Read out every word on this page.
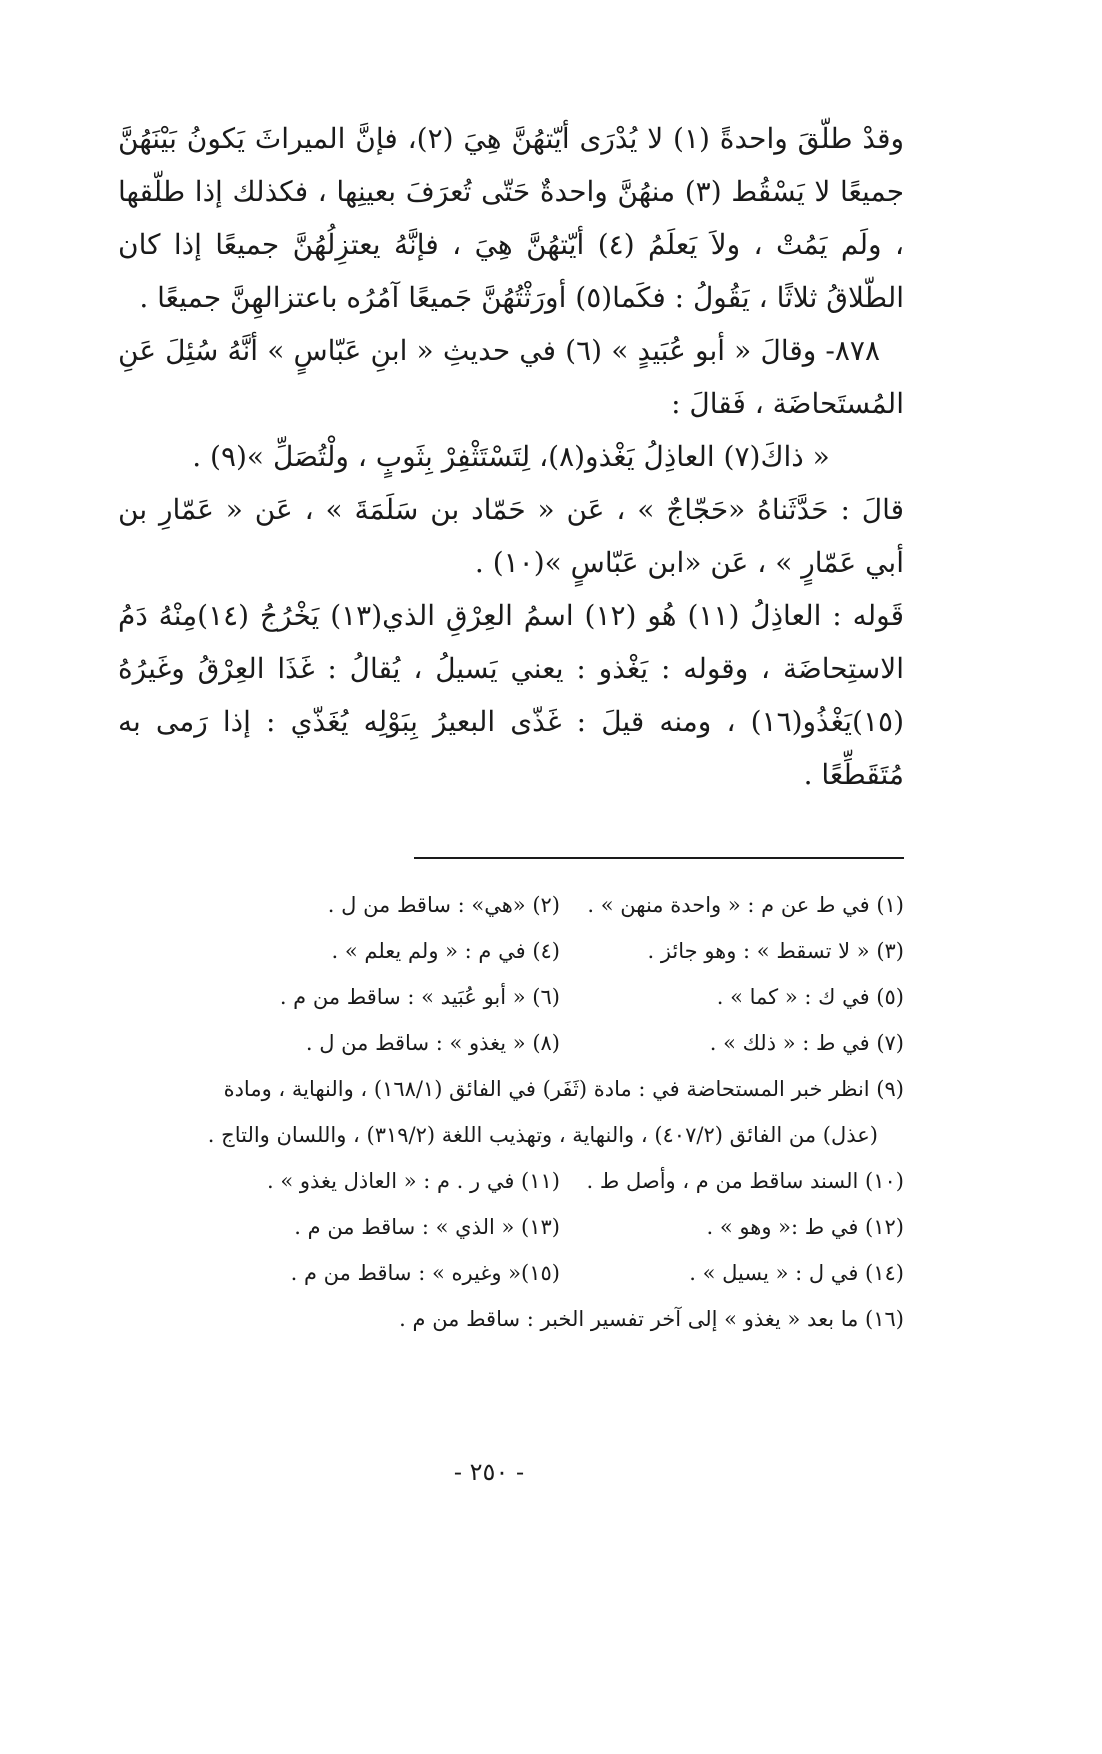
وقدْ طلّقَ واحدةً (١) لا يُدْرَى أيّتهُنَّ هِيَ (٢)، فإنَّ الميراثَ يَكونُ بَيْنَهُنَّ جميعًا لا يَسْقُط (٣) منهُنَّ واحدةٌ حَتّى تُعرَفَ بعينِها ، فكذلك إذا طلّقها ، ولَم يَمُتْ ، ولاَ يَعلَمُ (٤) أيّتهُنَّ هِيَ ، فإنَّهُ يعتزِلُهُنَّ جميعًا إذا كان الطّلاقُ ثلاثًا ، يَقُولُ : فكَما(٥) أورَثْتُهُنَّ جَميعًا آمُرُه باعتزالهِنَّ جميعًا .

٨٧٨- وقالَ « أبو عُبَيدٍ » (٦) في حديثِ « ابنِ عَبّاسٍ » أنَّهُ سُئِلَ عَنِ المُستَحاضَة ، فَقالَ :

« ذاكَ(٧) العاذِلُ يَغْذو(٨)، لِتَسْتَثْفِرْ بِثَوبٍ ، ولْتُصَلِّ »(٩) .

قالَ : حَدَّثَناهُ «حَجّاجٌ » ، عَن « حَمّاد بن سَلَمَةَ » ، عَن « عَمّارِ بن أبي عَمّارٍ » ، عَن «ابن عَبّاسٍ »(١٠) .

قَوله : العاذِلُ (١١) هُو (١٢) اسمُ العِرْقِ الذي(١٣) يَخْرُجُ (١٤)مِنْهُ دَمُ الاستِحاضَة ، وقوله : يَغْذو : يعني يَسيلُ ، يُقالُ : غَذَا العِرْقُ وغَيرُهُ (١٥)يَغْذُو(١٦) ، ومنه قيلَ : غَذّى البعيرُ بِبَوْلِه يُغَذّي : إذا رَمى به مُتَقَطِّعًا .

(١) في ط عن م : « واحدة منهن » .
(٢) «هي» : ساقط من ل .
(٣) « لا تسقط » : وهو جائز .
(٤) في م : « ولم يعلم » .
(٥) في ك : « كما » .
(٦) « أبو عُبَيد » : ساقط من م .
(٧) في ط : « ذلك » .
(٨) « يغذو » : ساقط من ل .
(٩) انظر خبر المستحاضة في : مادة (ثَفَر) في الفائق (١٦٨/١) ، والنهاية ، ومادة
(عذل) من الفائق (٤٠٧/٢) ، والنهاية ، وتهذيب اللغة (٣١٩/٢) ، واللسان والتاج .
(١٠) السند ساقط من م ، وأصل ط .
(١١) في ر . م : « العاذل يغذو » .
(١٢) في ط :« وهو » .
(١٣) « الذي » : ساقط من م .
(١٤) في ل : « يسيل » .
(١٥)« وغيره » : ساقط من م .
(١٦) ما بعد « يغذو » إلى آخر تفسير الخبر : ساقط من م .
- ٢٥٠ -
